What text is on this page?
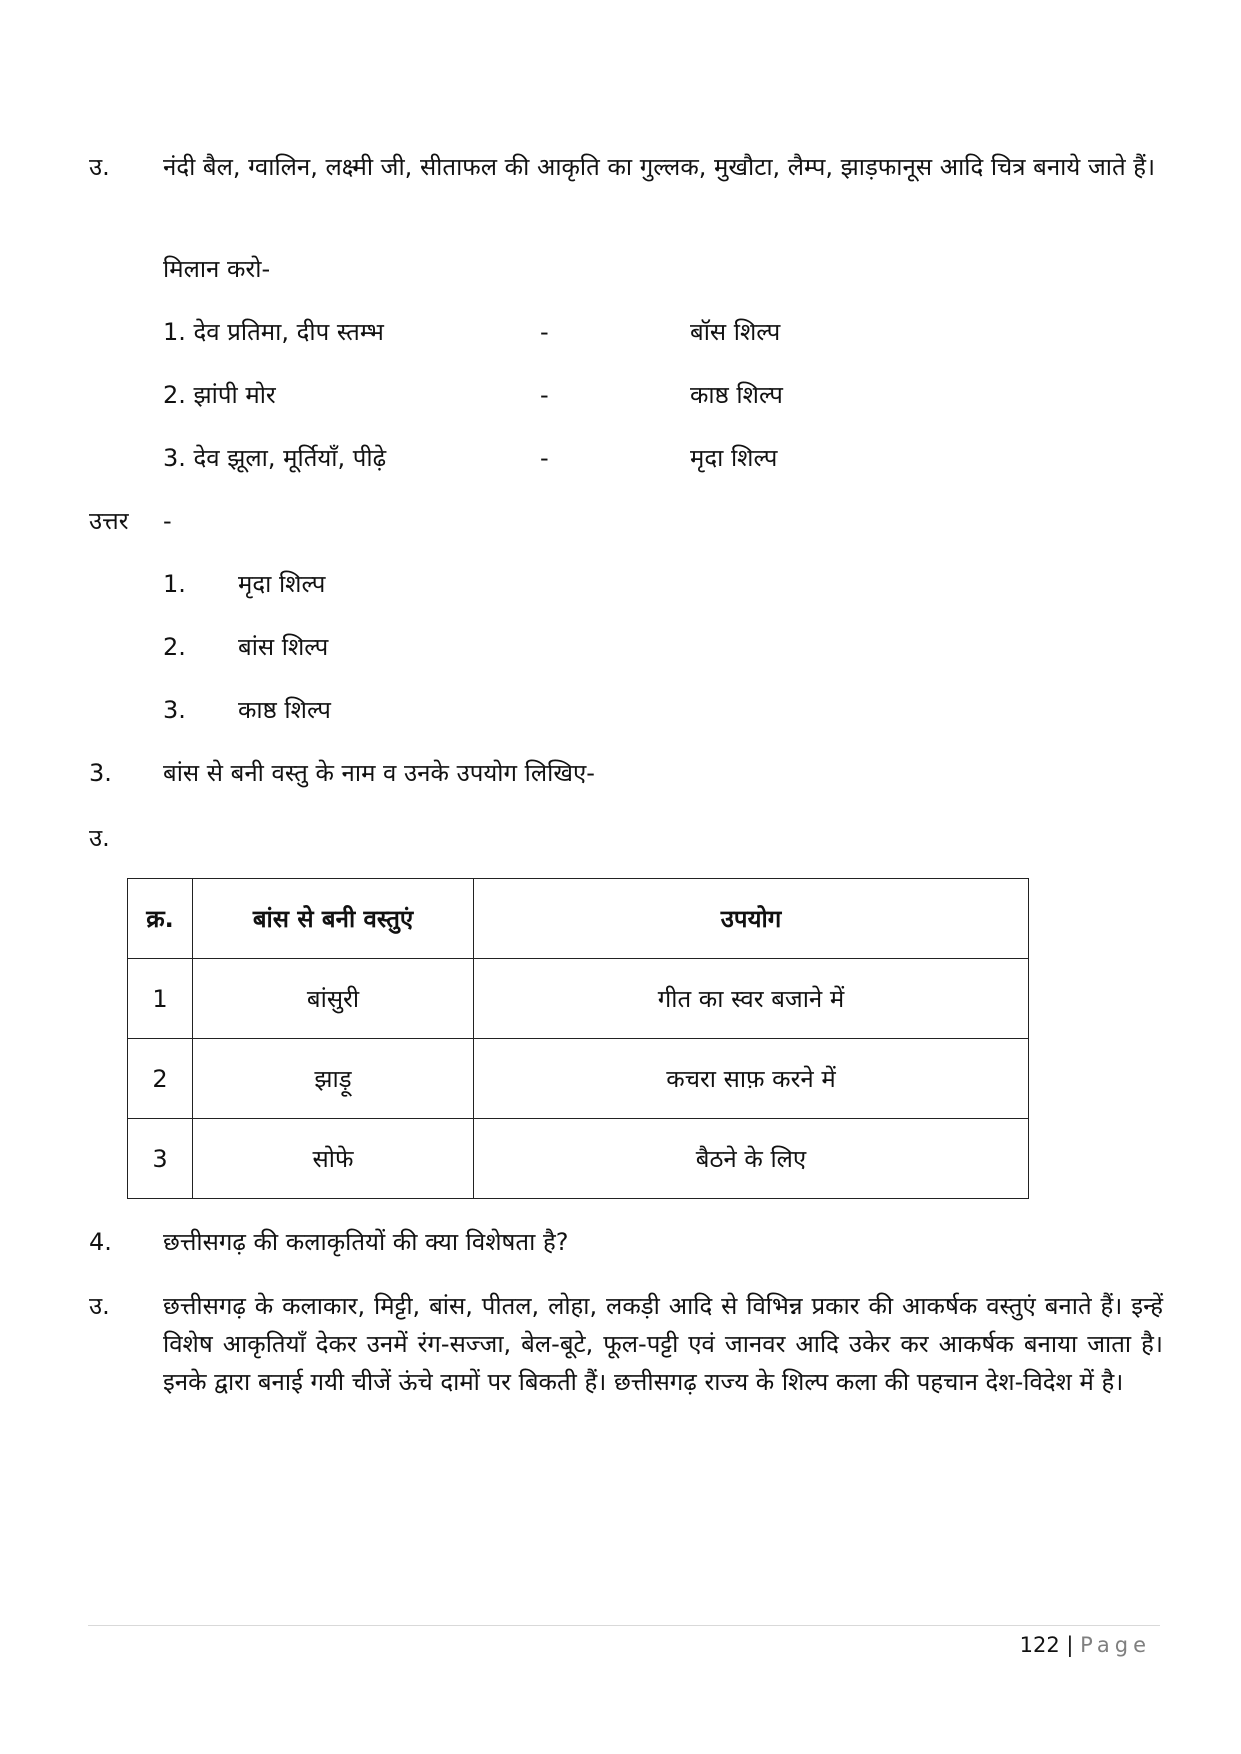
उ. नंदी बैल, ग्वालिन, लक्ष्मी जी, सीताफल की आकृति का गुल्लक, मुखौटा, लैम्प, झाड़फानूस आदि चित्र बनाये जाते हैं।
मिलान करो-
1. देव प्रतिमा, दीप स्तम्भ	-	बॉस शिल्प
2. झांपी मोर	-	काष्ठ शिल्प
3. देव झूला, मूर्तियाँ, पीढ़े	-	मृदा शिल्प
उत्तर -
1. मृदा शिल्प
2. बांस शिल्प
3. काष्ठ शिल्प
3. बांस से बनी वस्तु के नाम व उनके उपयोग लिखिए-
उ.
क्र.	बांस से बनी वस्तुएं	उपयोग
1	बांसुरी	गीत का स्वर बजाने में
2	झाड़ू	कचरा साफ़ करने में
3	सोफे	बैठने के लिए
4. छत्तीसगढ़ की कलाकृतियों की क्या विशेषता है?
उ. छत्तीसगढ़ के कलाकार, मिट्टी, बांस, पीतल, लोहा, लकड़ी आदि से विभिन्न प्रकार की आकर्षक वस्तुएं बनाते हैं। इन्हें विशेष आकृतियाँ देकर उनमें रंग-सज्जा, बेल-बूटे, फूल-पट्टी एवं जानवर आदि उकेर कर आकर्षक बनाया जाता है। इनके द्वारा बनाई गयी चीजें ऊंचे दामों पर बिकती हैं। छत्तीसगढ़ राज्य के शिल्प कला की पहचान देश-विदेश में है।
122 | Page
